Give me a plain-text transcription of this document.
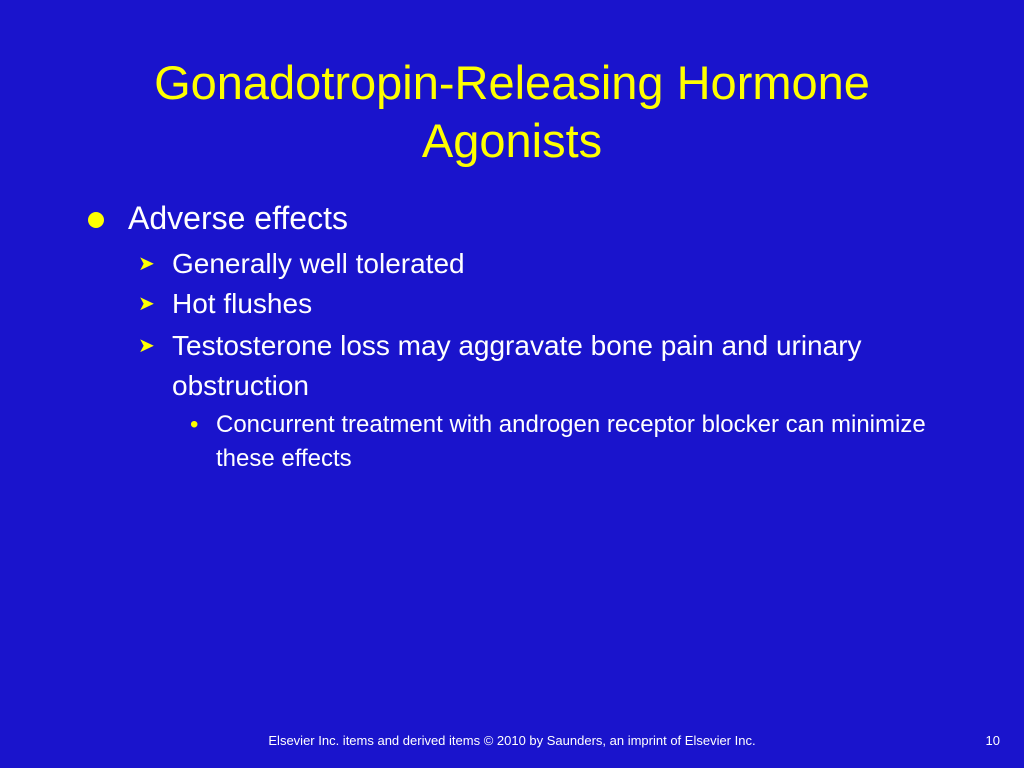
Gonadotropin-Releasing Hormone
Agonists
Adverse effects
➤ Generally well tolerated
➤ Hot flushes
➤ Testosterone loss may aggravate bone pain and urinary obstruction
• Concurrent treatment with androgen receptor blocker can minimize these effects
Elsevier Inc. items and derived items © 2010 by Saunders, an imprint of Elsevier Inc.	10
